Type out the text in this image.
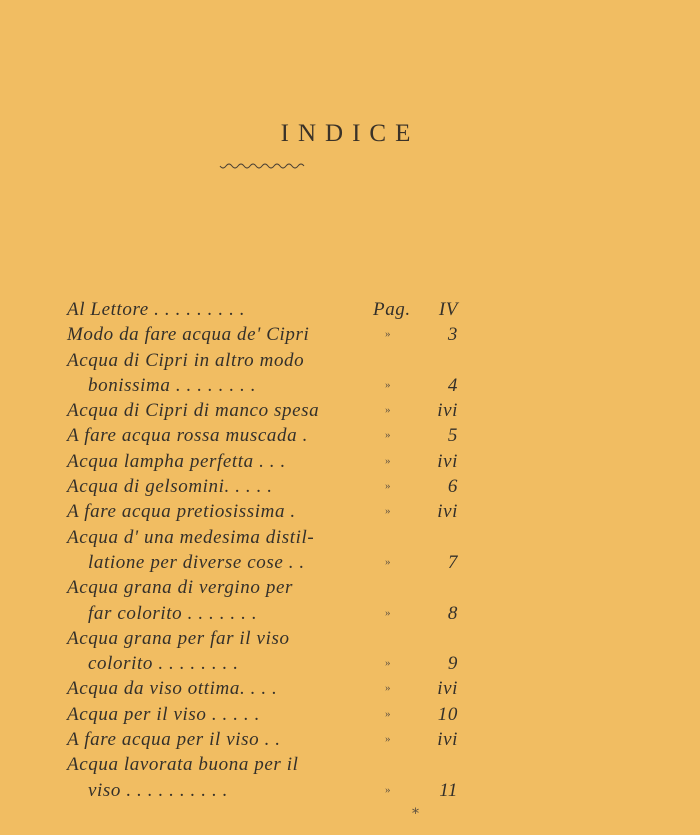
INDICE
Al Lettore . . . . . . . . .	Pag. IV
Modo da fare acqua de' Cipri	»	3
Acqua di Cipri in altro modo
bonissima . . . . . . . .	»	4
Acqua di Cipri di manco spesa	» ivi
A fare acqua rossa muscada .	»	5
Acqua lampha perfetta . . .	» ivi
Acqua di gelsomini. . . . .	»	6
A fare acqua pretiosissima .	» ivi
Acqua d' una medesima distil-
latione per diverse cose . .	»	7
Acqua grana di vergino per
far colorito . . . . . . .	»	8
Acqua grana per far il viso
colorito . . . . . . . .	»	9
Acqua da viso ottima. . . .	» ivi
Acqua per il viso . . . . .	» 10
A fare acqua per il viso . .	» ivi
Acqua lavorata buona per il
viso . . . . . . . . . .	»	11
*
